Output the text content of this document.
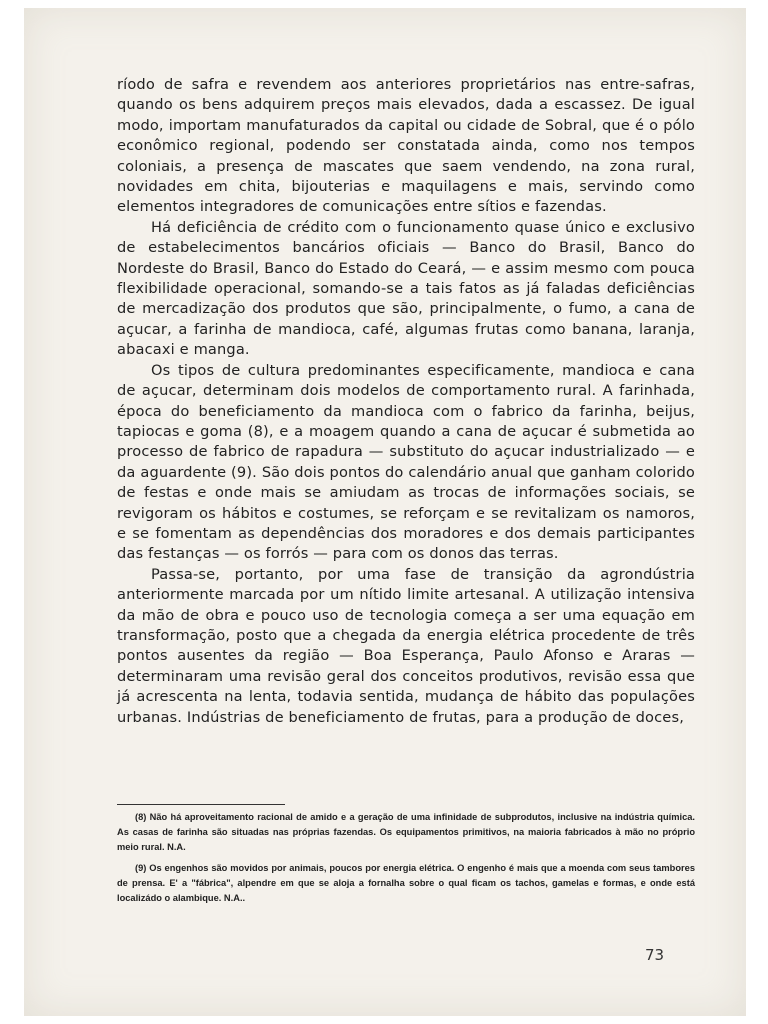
ríodo de safra e revendem aos anteriores proprietários nas entre-safras, quando os bens adquirem preços mais elevados, dada a escassez. De igual modo, importam manufaturados da capital ou cidade de Sobral, que é o pólo econômico regional, podendo ser constatada ainda, como nos tempos coloniais, a presença de mascates que saem vendendo, na zona rural, novidades em chita, bijouterias e maquilagens e mais, servindo como elementos integradores de comunicações entre sítios e fazendas.

Há deficiência de crédito com o funcionamento quase único e exclusivo de estabelecimentos bancários oficiais — Banco do Brasil, Banco do Nordeste do Brasil, Banco do Estado do Ceará, — e assim mesmo com pouca flexibilidade operacional, somando-se a tais fatos as já faladas deficiências de mercadização dos produtos que são, principalmente, o fumo, a cana de açucar, a farinha de mandioca, café, algumas frutas como banana, laranja, abacaxi e manga.

Os tipos de cultura predominantes especificamente, mandioca e cana de açucar, determinam dois modelos de comportamento rural. A farinhada, época do beneficiamento da mandioca com o fabrico da farinha, beijus, tapiocas e goma (8), e a moagem quando a cana de açucar é submetida ao processo de fabrico de rapadura — substituto do açucar industrializado — e da aguardente (9). São dois pontos do calendário anual que ganham colorido de festas e onde mais se amiudam as trocas de informações sociais, se revigoram os hábitos e costumes, se reforçam e se revitalizam os namoros, e se fomentam as dependências dos moradores e dos demais participantes das festanças — os forrós — para com os donos das terras.

Passa-se, portanto, por uma fase de transição da agrondústria anteriormente marcada por um nítido limite artesanal. A utilização intensiva da mão de obra e pouco uso de tecnologia começa a ser uma equação em transformação, posto que a chegada da energia elétrica procedente de três pontos ausentes da região — Boa Esperança, Paulo Afonso e Araras — determinaram uma revisão geral dos conceitos produtivos, revisão essa que já acrescenta na lenta, todavia sentida, mudança de hábito das populações urbanas. Indústrias de beneficiamento de frutas, para a produção de doces,

(8) Não há aproveitamento racional de amido e a geração de uma infinidade de subprodutos, inclusive na indústria química. As casas de farinha são situadas nas próprias fazendas. Os equipamentos primitivos, na maioria fabricados à mão no próprio meio rural. N.A.

(9) Os engenhos são movidos por animais, poucos por energia elétrica. O engenho é mais que a moenda com seus tambores de prensa. E' a "fábrica", alpendre em que se aloja a fornalha sobre o qual ficam os tachos, gamelas e formas, e onde está localizádo o alambique. N.A..

73
